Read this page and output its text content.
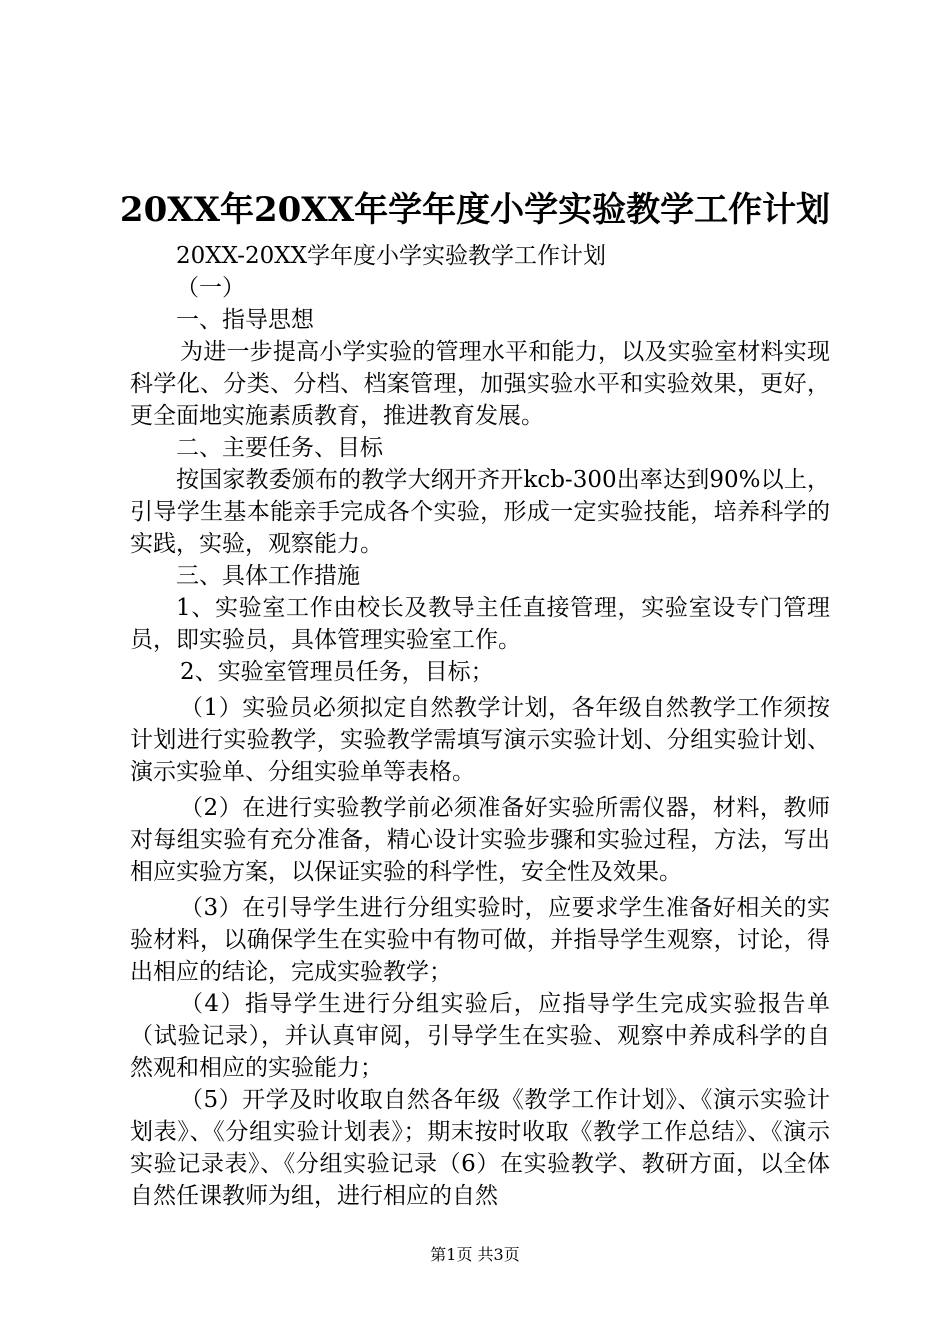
20XX年20XX年学年度小学实验教学工作计划

20XX-20XX学年度小学实验教学工作计划

（一）

一、指导思想

为进一步提高小学实验的管理水平和能力，以及实验室材料实现科学化、分类、分档、档案管理，加强实验水平和实验效果，更好，更全面地实施素质教育，推进教育发展。

二、主要任务、目标

按国家教委颁布的教学大纲开齐开kcb-300出率达到90%以上，引导学生基本能亲手完成各个实验，形成一定实验技能，培养科学的实践，实验，观察能力。

三、具体工作措施

1、实验室工作由校长及教导主任直接管理，实验室设专门管理员，即实验员，具体管理实验室工作。

2、实验室管理员任务，目标；

（1）实验员必须拟定自然教学计划，各年级自然教学工作须按计划进行实验教学，实验教学需填写演示实验计划、分组实验计划、演示实验单、分组实验单等表格。

（2）在进行实验教学前必须准备好实验所需仪器，材料，教师对每组实验有充分准备，精心设计实验步骤和实验过程，方法，写出相应实验方案，以保证实验的科学性，安全性及效果。

（3）在引导学生进行分组实验时，应要求学生准备好相关的实验材料，以确保学生在实验中有物可做，并指导学生观察，讨论，得出相应的结论，完成实验教学；

（4）指导学生进行分组实验后，应指导学生完成实验报告单（试验记录），并认真审阅，引导学生在实验、观察中养成科学的自然观和相应的实验能力；

（5）开学及时收取自然各年级《教学工作计划》、《演示实验计划表》、《分组实验计划表》；期末按时收取《教学工作总结》、《演示实验记录表》、《分组实验记录（6）在实验教学、教研方面，以全体自然任课教师为组，进行相应的自然

第1页 共3页
